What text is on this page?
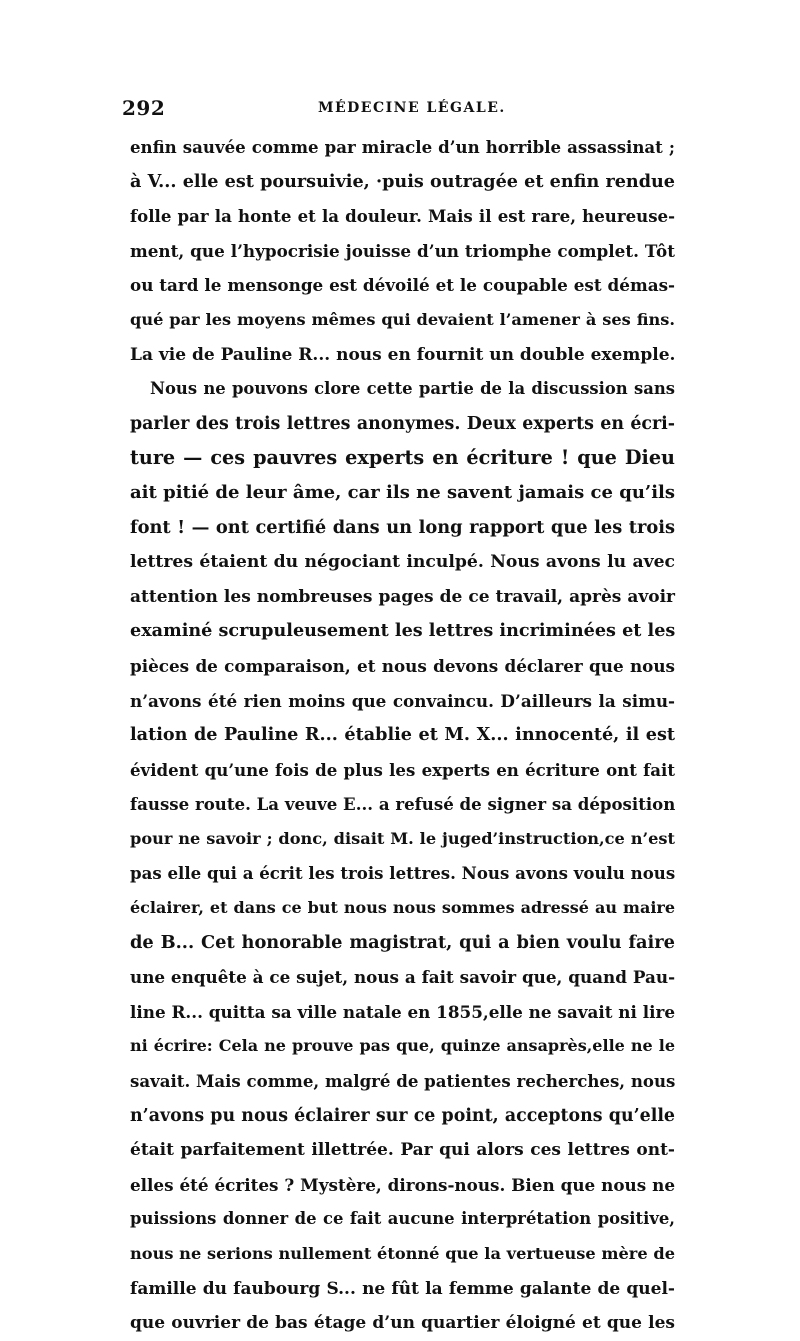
292	MÉDECINE LÉGALE.
enfin sauvée comme par miracle d’un horrible assassinat ;
à V... elle est poursuivie, ·puis outragée et enfin rendue
folle par la honte et la douleur. Mais il est rare, heureuse-
ment, que l’hypocrisie jouisse d’un triomphe complet. Tôt
ou tard le mensonge est dévoilé et le coupable est démas-
qué par les moyens mêmes qui devaient l’amener à ses fins.
La vie de Pauline R... nous en fournit un double exemple.
Nous ne pouvons clore cette partie de la discussion sans
parler des trois lettres anonymes. Deux experts en écri-
ture — ces pauvres experts en écriture ! que Dieu
ait pitié de leur âme, car ils ne savent jamais ce qu’ils
font ! — ont certifié dans un long rapport que les trois
lettres étaient du négociant inculpé. Nous avons lu avec
attention les nombreuses pages de ce travail, après avoir
examiné scrupuleusement les lettres incriminées et les
pièces de comparaison, et nous devons déclarer que nous
n’avons été rien moins que convaincu. D’ailleurs la simu-
lation de Pauline R... établie et M. X... innocenté, il est
évident qu’une fois de plus les experts en écriture ont fait
fausse route. La veuve E... a refusé de signer sa déposition
pour ne savoir ; donc, disait M. le juged’instruction,ce n’est
pas elle qui a écrit les trois lettres. Nous avons voulu nous
éclairer, et dans ce but nous nous sommes adressé au maire
de B... Cet honorable magistrat, qui a bien voulu faire
une enquête à ce sujet, nous a fait savoir que, quand Pau-
line R... quitta sa ville natale en 1855,elle ne savait ni lire
ni écrire: Cela ne prouve pas que, quinze ansaprès,elle ne le
savait. Mais comme, malgré de patientes recherches, nous
n’avons pu nous éclairer sur ce point, acceptons qu’elle
était parfaitement illettrée. Par qui alors ces lettres ont-
elles été écrites ? Mystère, dirons-nous. Bien que nous ne
puissions donner de ce fait aucune interprétation positive,
nous ne serions nullement étonné que la vertueuse mère de
famille du faubourg S... ne fût la femme galante de quel-
que ouvrier de bas étage d’un quartier éloigné et que les
